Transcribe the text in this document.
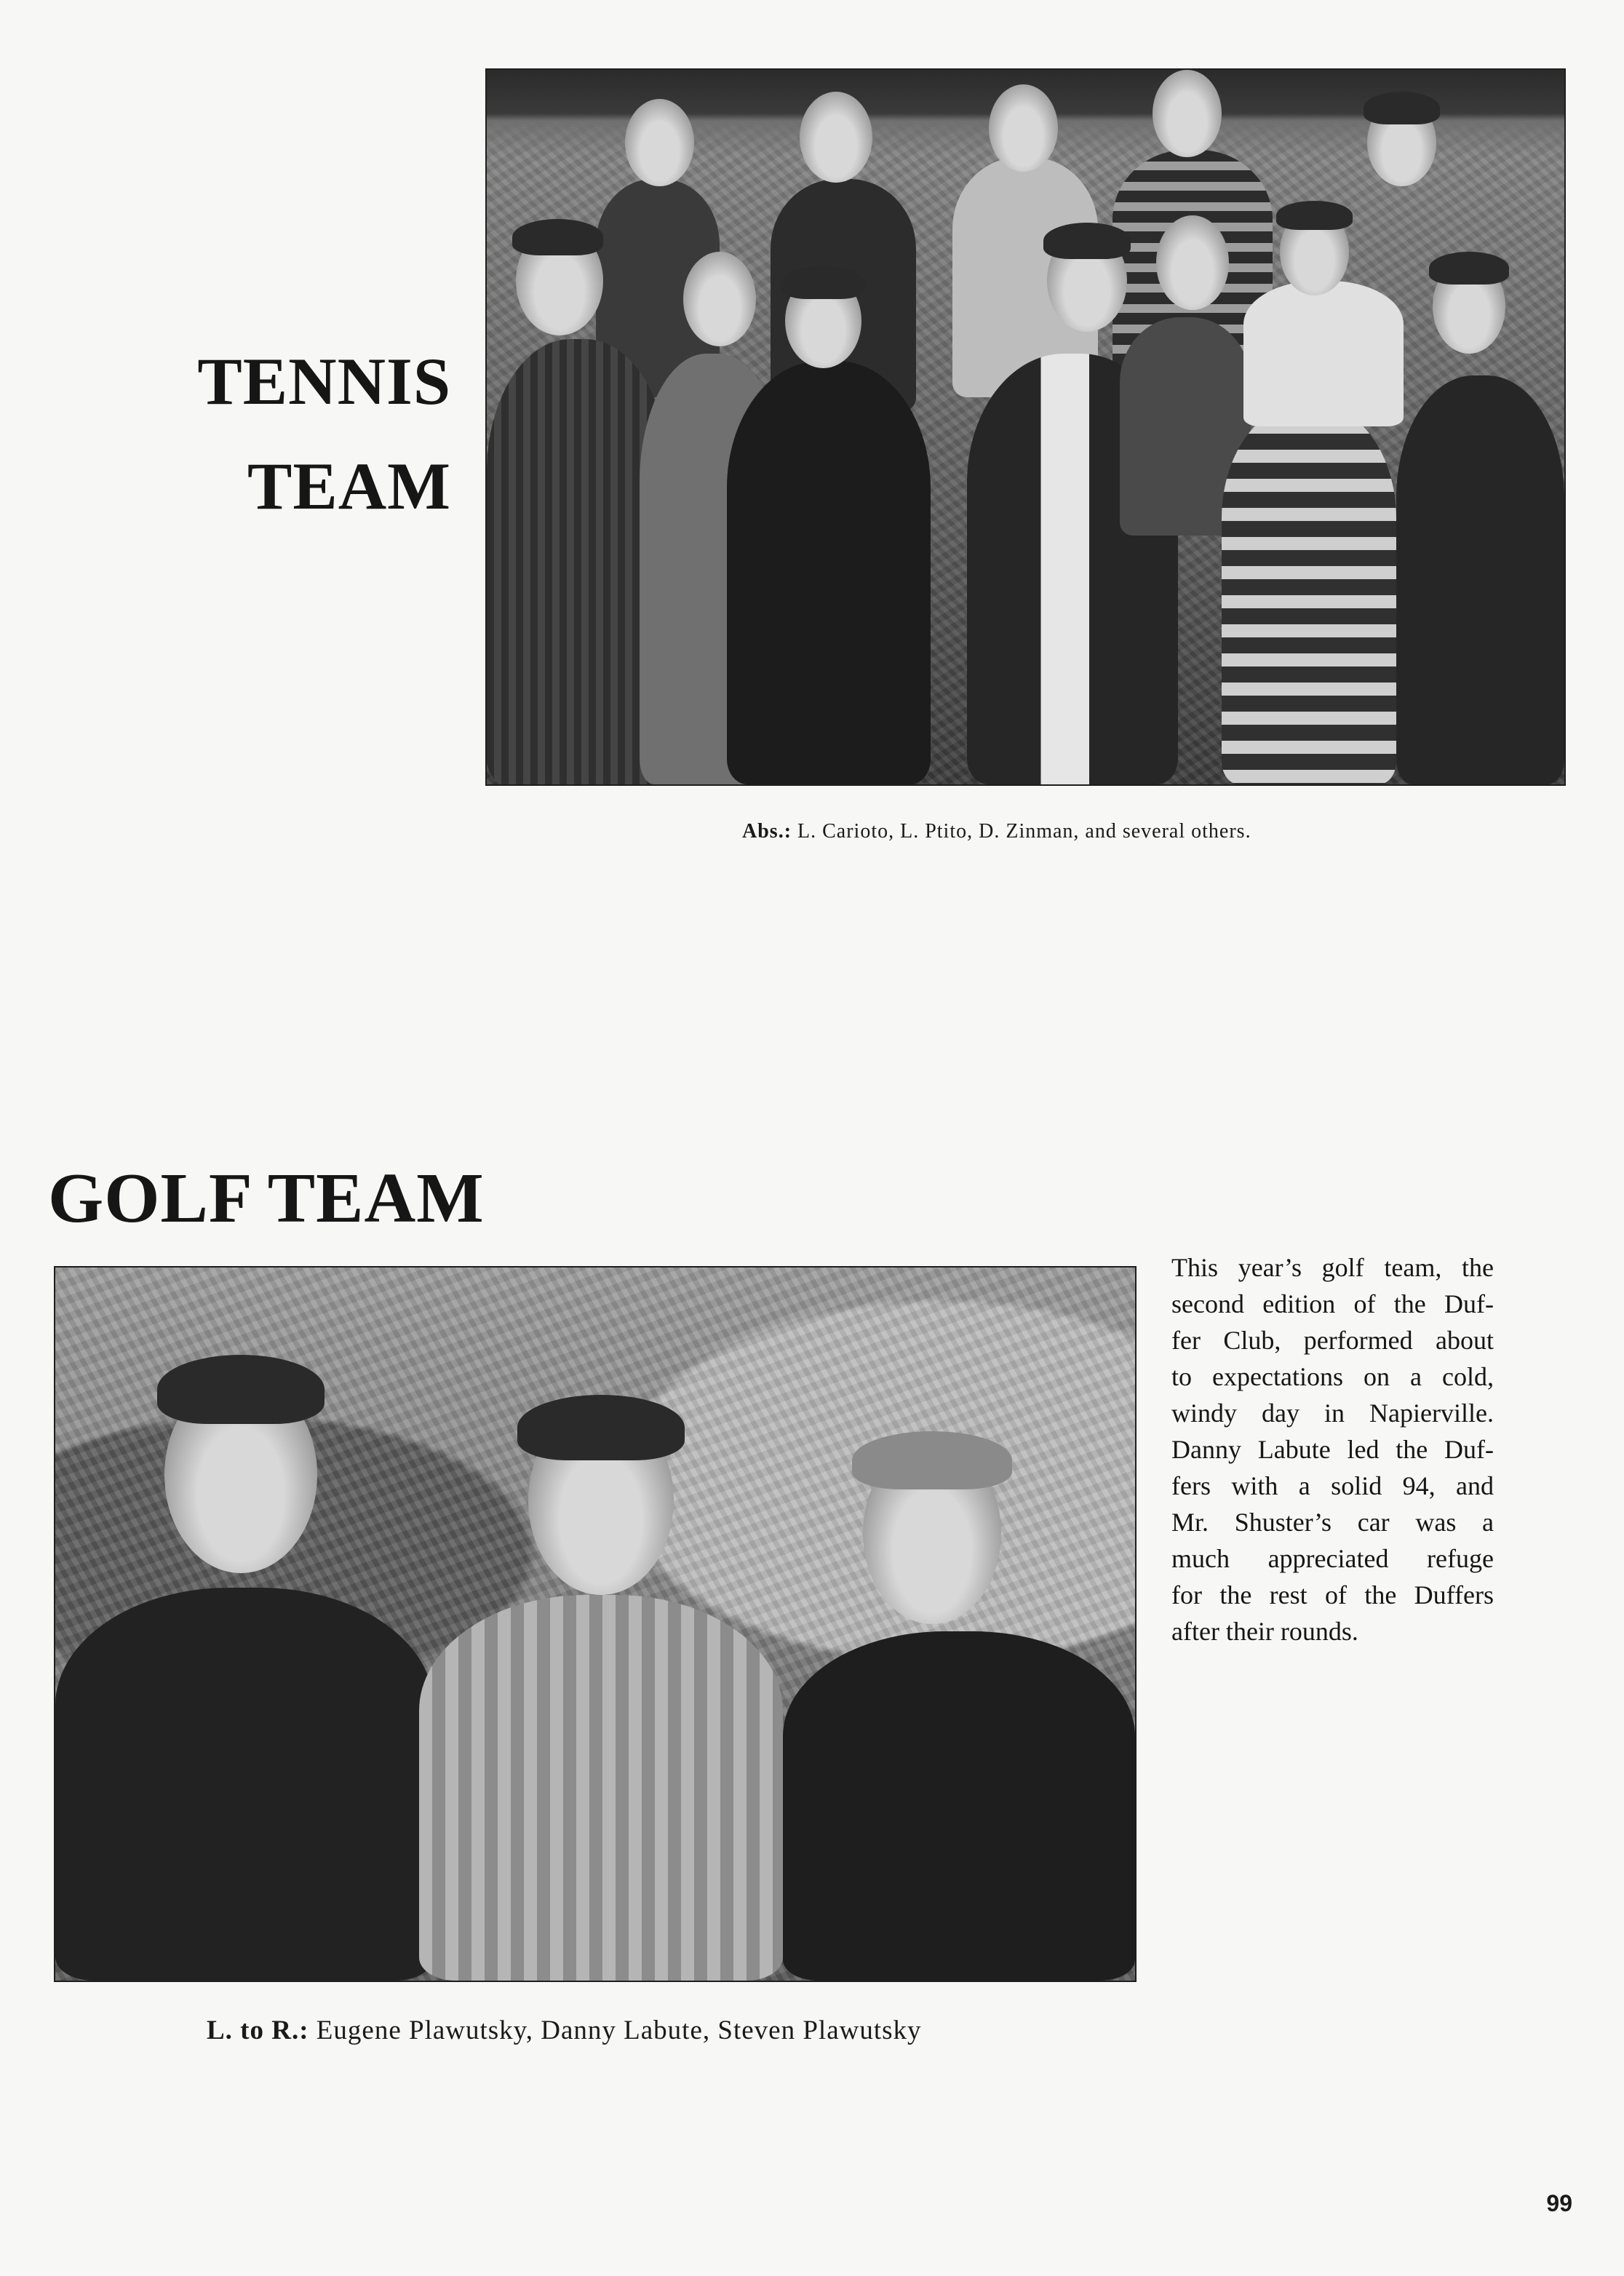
TENNIS
TEAM

Abs.: L. Carioto, L. Ptito, D. Zinman, and several others.

GOLF TEAM

This year’s golf team, the
second edition of the Duf-
fer Club, performed about
to expectations on a cold,
windy day in Napierville.
Danny Labute led the Duf-
fers with a solid 94, and
Mr. Shuster’s car was a
much appreciated refuge
for the rest of the Duffers
after their rounds.

L. to R.: Eugene Plawutsky, Danny Labute, Steven Plawutsky

99
